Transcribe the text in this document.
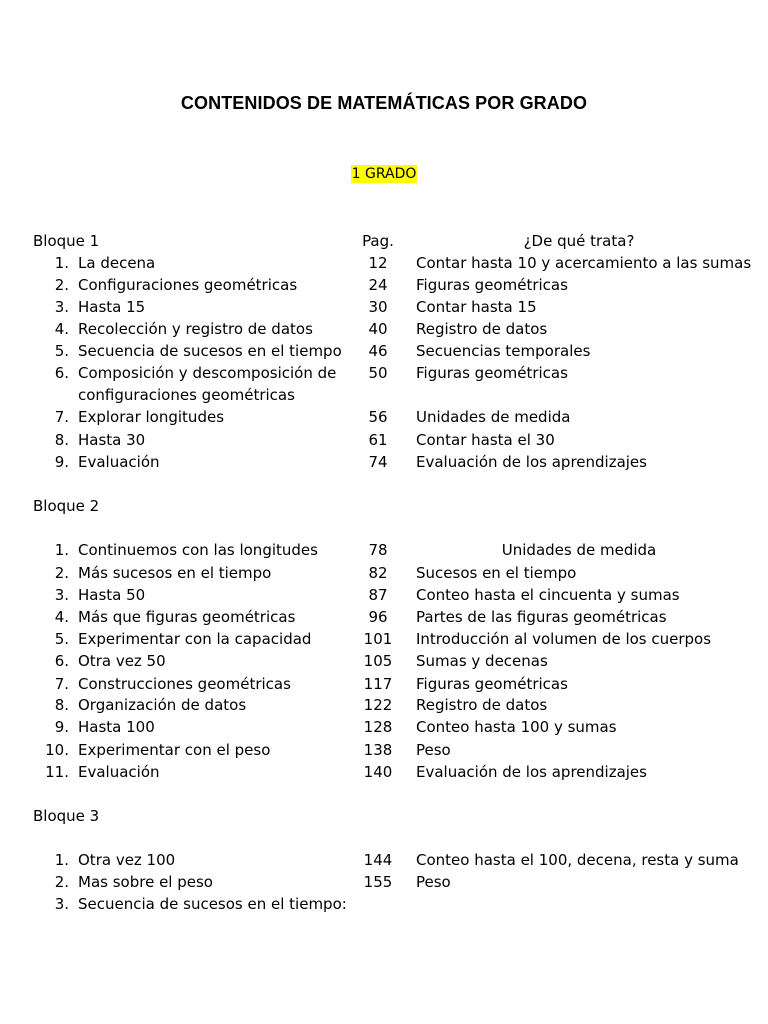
CONTENIDOS DE MATEMÁTICAS POR GRADO
1 GRADO
Bloque 1	Pag.	¿De qué trata?
1. La decena	12	Contar hasta 10 y acercamiento a las sumas
2. Configuraciones geométricas	24	Figuras geométricas
3. Hasta 15	30	Contar hasta 15
4. Recolección y registro de datos	40	Registro de datos
5. Secuencia de sucesos en el tiempo	46	Secuencias temporales
6. Composición y descomposición de	50	Figuras geométricas
configuraciones geométricas
7. Explorar longitudes	56	Unidades de medida
8. Hasta 30	61	Contar hasta el 30
9. Evaluación	74	Evaluación de los aprendizajes
Bloque 2
1. Continuemos con las longitudes	78	Unidades de medida
2. Más sucesos en el tiempo	82	Sucesos en el tiempo
3. Hasta 50	87	Conteo hasta el cincuenta y sumas
4. Más que figuras geométricas	96	Partes de las figuras geométricas
5. Experimentar con la capacidad	101	Introducción al volumen de los cuerpos
6. Otra vez 50	105	Sumas y decenas
7. Construcciones geométricas	117	Figuras geométricas
8. Organización de datos	122	Registro de datos
9. Hasta 100	128	Conteo hasta 100 y sumas
10. Experimentar con el peso	138	Peso
11. Evaluación	140	Evaluación de los aprendizajes
Bloque 3
1. Otra vez 100	144	Conteo hasta el 100, decena, resta y suma
2. Mas sobre el peso	155	Peso
3. Secuencia de sucesos en el tiempo:
